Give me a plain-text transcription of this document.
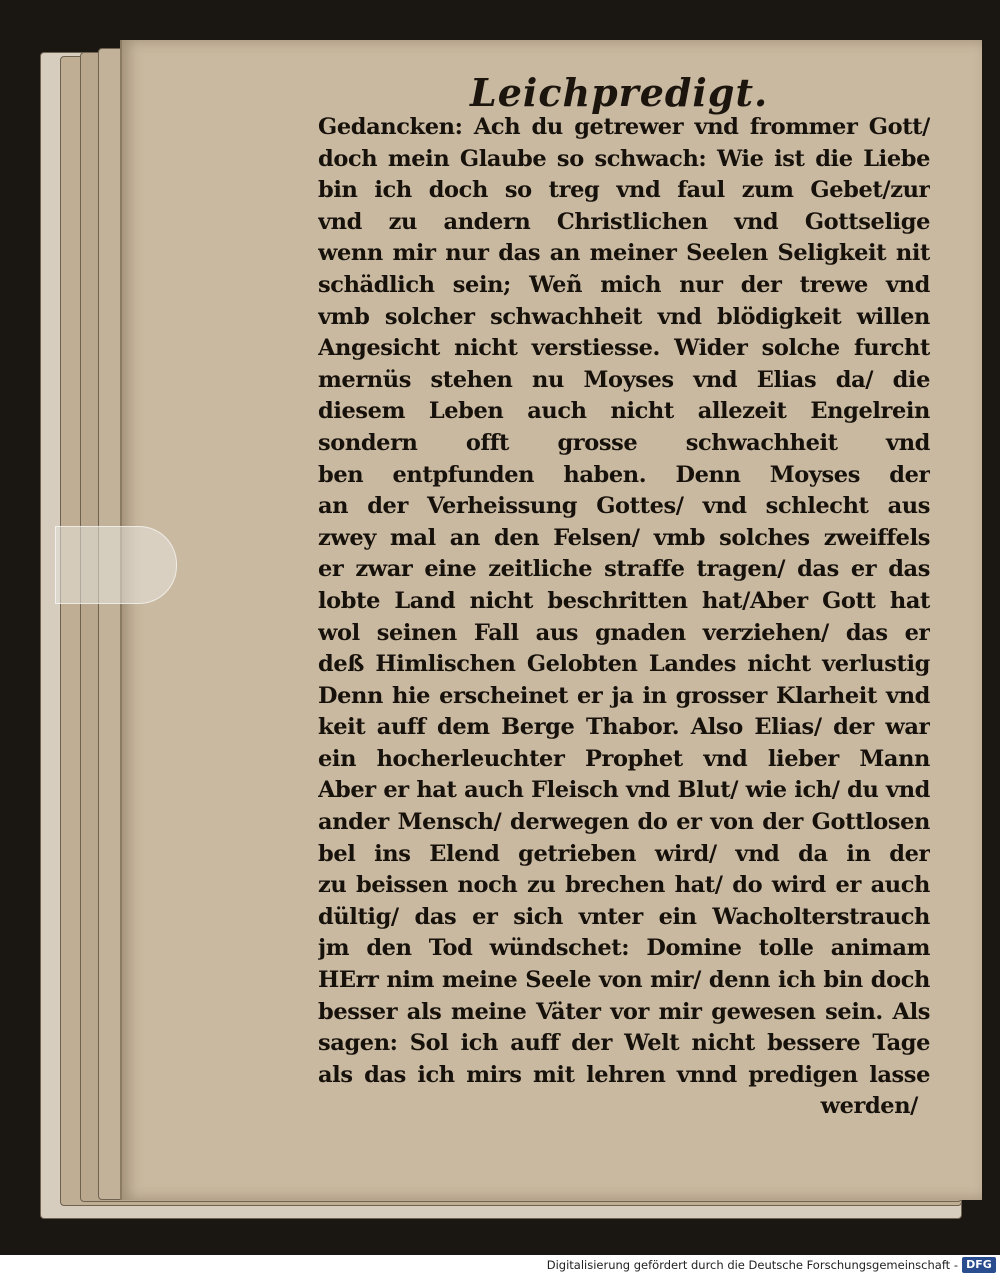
Leichpredigt.
Gedancken: Ach du getrewer vnd frommer Gott/
doch mein Glaube so schwach: Wie ist die Liebe
bin ich doch so treg vnd faul zum Gebet/zur
vnd zu andern Christlichen vnd Gottselige
wenn mir nur das an meiner Seelen Seligkeit nit
schädlich sein; Weñ mich nur der trewe vnd
vmb solcher schwachheit vnd blödigkeit willen
Angesicht nicht verstiesse. Wider solche furcht
mernüs stehen nu Moyses vnd Elias da/ die
diesem Leben auch nicht allezeit Engelrein
sondern offt grosse schwachheit vnd
ben entpfunden haben. Denn Moyses der
an der Verheissung Gottes/ vnd schlecht aus
zwey mal an den Felsen/ vmb solches zweiffels
er zwar eine zeitliche straffe tragen/ das er das
lobte Land nicht beschritten hat/Aber Gott hat
wol seinen Fall aus gnaden verziehen/ das er
deß Himlischen Gelobten Landes nicht verlustig
Denn hie erscheinet er ja in grosser Klarheit vnd
keit auff dem Berge Thabor. Also Elias/ der war
ein hocherleuchter Prophet vnd lieber Mann
Aber er hat auch Fleisch vnd Blut/ wie ich/ du vnd
ander Mensch/ derwegen do er von der Gottlosen
bel ins Elend getrieben wird/ vnd da in der
zu beissen noch zu brechen hat/ do wird er auch
dültig/ das er sich vnter ein Wacholterstrauch
jm den Tod wündschet: Domine tolle animam
HErr nim meine Seele von mir/ denn ich bin doch
besser als meine Väter vor mir gewesen sein. Als
sagen: Sol ich auff der Welt nicht bessere Tage
als das ich mirs mit lehren vnnd predigen lasse
werden/
Digitalisierung gefördert durch die Deutsche Forschungsgemeinschaft - DFG
